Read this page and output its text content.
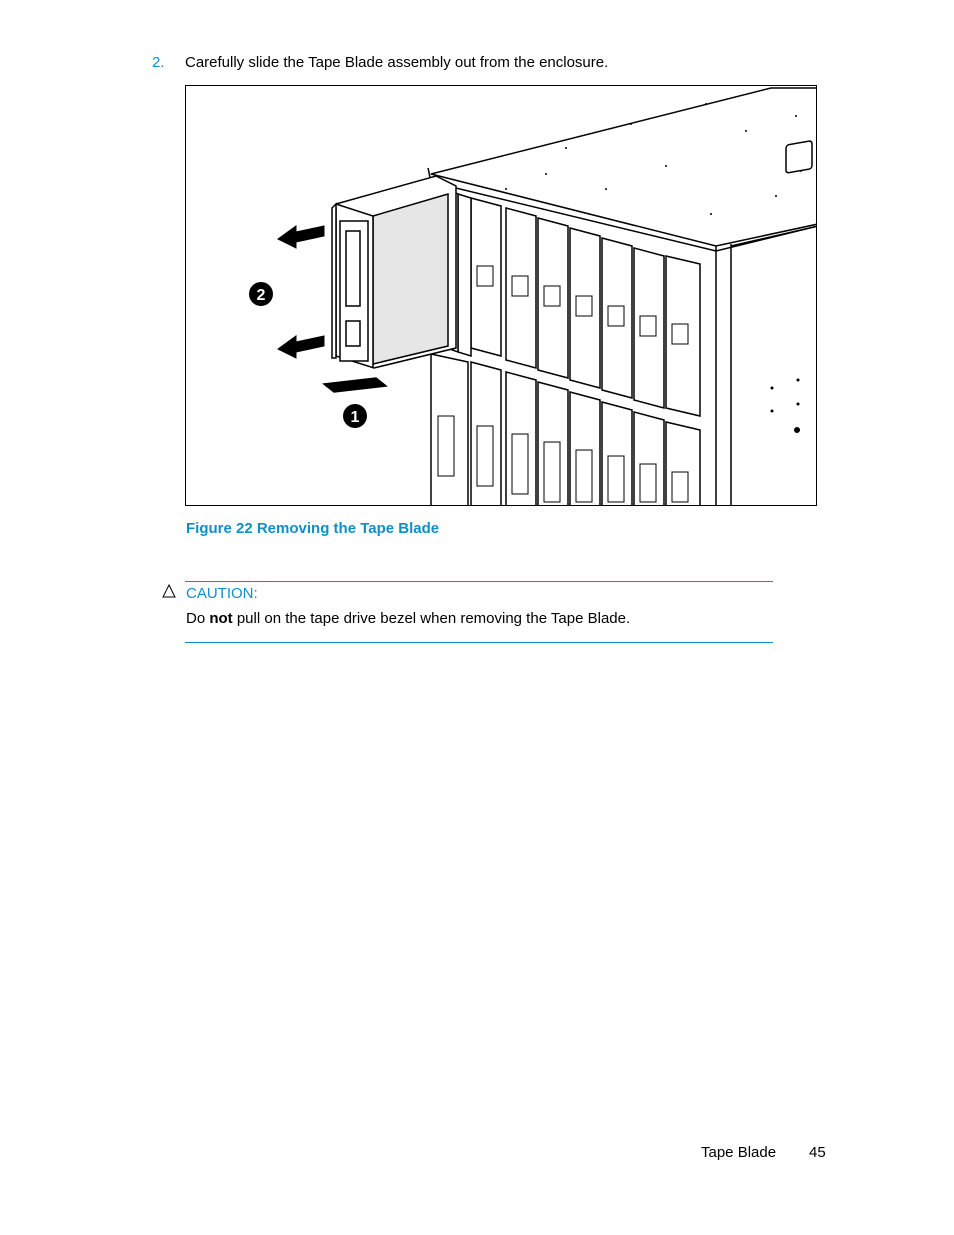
2. Carefully slide the Tape Blade assembly out from the enclosure.
2
1
Figure 22 Removing the Tape Blade
CAUTION:
Do not pull on the tape drive bezel when removing the Tape Blade.
Tape Blade 45
